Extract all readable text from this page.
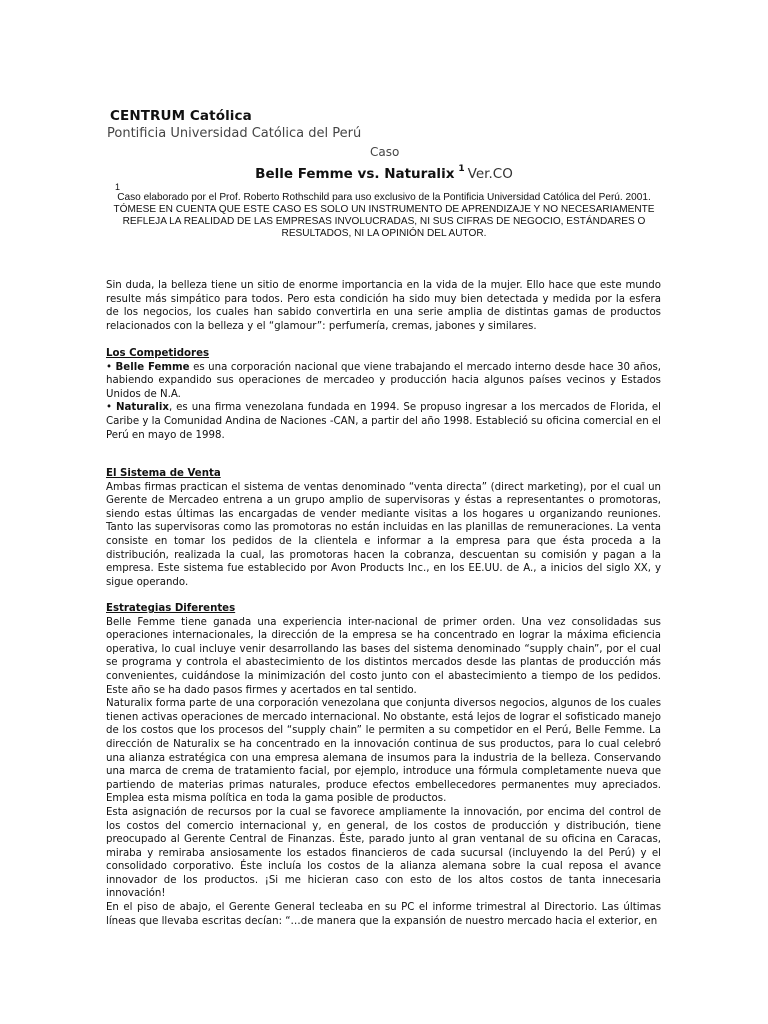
CENTRUM Católica
Pontificia Universidad Católica del Perú
Caso
Belle Femme vs. Naturalix $^1$ Ver.CO
1
Caso elaborado por el Prof. Roberto Rothschild para uso exclusivo de la Pontificia Universidad Católica del Perú. 2001. TÓMESE EN CUENTA QUE ESTE CASO ES SOLO UN INSTRUMENTO DE APRENDIZAJE Y NO NECESARIAMENTE REFLEJA LA REALIDAD DE LAS EMPRESAS INVOLUCRADAS, NI SUS CIFRAS DE NEGOCIO, ESTÁNDARES O RESULTADOS, NI LA OPINIÓN DEL AUTOR.

Sin duda, la belleza tiene un sitio de enorme importancia en la vida de la mujer. Ello hace que este mundo resulte más simpático para todos. Pero esta condición ha sido muy bien detectada y medida por la esfera de los negocios, los cuales han sabido convertirla en una serie amplia de distintas gamas de productos relacionados con la belleza y el “glamour”: perfumería, cremas, jabones y similares.

Los Competidores
• Belle Femme es una corporación nacional que viene trabajando el mercado interno desde hace 30 años, habiendo expandido sus operaciones de mercadeo y producción hacia algunos países vecinos y Estados Unidos de N.A.
• Naturalix, es una firma venezolana fundada en 1994. Se propuso ingresar a los mercados de Florida, el Caribe y la Comunidad Andina de Naciones -CAN, a partir del año 1998. Estableció su oficina comercial en el Perú en mayo de 1998.
El Sistema de Venta

Ambas firmas practican el sistema de ventas denominado “venta directa” (direct marketing), por el cual un Gerente de Mercadeo entrena a un grupo amplio de supervisoras y éstas a representantes o promotoras, siendo estas últimas las encargadas de vender mediante visitas a los hogares u organizando reuniones. Tanto las supervisoras como las promotoras no están incluidas en las planillas de remuneraciones. La venta consiste en tomar los pedidos de la clientela e informar a la empresa para que ésta proceda a la distribución, realizada la cual, las promotoras hacen la cobranza, descuentan su comisión y pagan a la empresa. Este sistema fue establecido por Avon Products Inc., en los EE.UU. de A., a inicios del siglo XX, y sigue operando.

Estrategias Diferentes

Belle Femme tiene ganada una experiencia inter-nacional de primer orden. Una vez consolidadas sus operaciones internacionales, la dirección de la empresa se ha concentrado en lograr la máxima eficiencia operativa, lo cual incluye venir desarrollando las bases del sistema denominado “supply chain”, por el cual se programa y controla el abastecimiento de los distintos mercados desde las plantas de producción más convenientes, cuidándose la minimización del costo junto con el abastecimiento a tiempo de los pedidos. Este año se ha dado pasos firmes y acertados en tal sentido.

Naturalix forma parte de una corporación venezolana que conjunta diversos negocios, algunos de los cuales tienen activas operaciones de mercado internacional. No obstante, está lejos de lograr el sofisticado manejo de los costos que los procesos del “supply chain” le permiten a su competidor en el Perú, Belle Femme. La dirección de Naturalix se ha concentrado en la innovación continua de sus productos, para lo cual celebró una alianza estratégica con una empresa alemana de insumos para la industria de la belleza. Conservando una marca de crema de tratamiento facial, por ejemplo, introduce una fórmula completamente nueva que partiendo de materias primas naturales, produce efectos embellecedores permanentes muy apreciados. Emplea esta misma política en toda la gama posible de productos.

Esta asignación de recursos por la cual se favorece ampliamente la innovación, por encima del control de los costos del comercio internacional y, en general, de los costos de producción y distribución, tiene preocupado al Gerente Central de Finanzas. Éste, parado junto al gran ventanal de su oficina en Caracas, miraba y remiraba ansiosamente los estados financieros de cada sucursal (incluyendo la del Perú) y el consolidado corporativo. Éste incluía los costos de la alianza alemana sobre la cual reposa el avance innovador de los productos. ¡Si me hicieran caso con esto de los altos costos de tanta innecesaria innovación!

En el piso de abajo, el Gerente General tecleaba en su PC el informe trimestral al Directorio. Las últimas líneas que llevaba escritas decían: “…de manera que la expansión de nuestro mercado hacia el exterior, en
